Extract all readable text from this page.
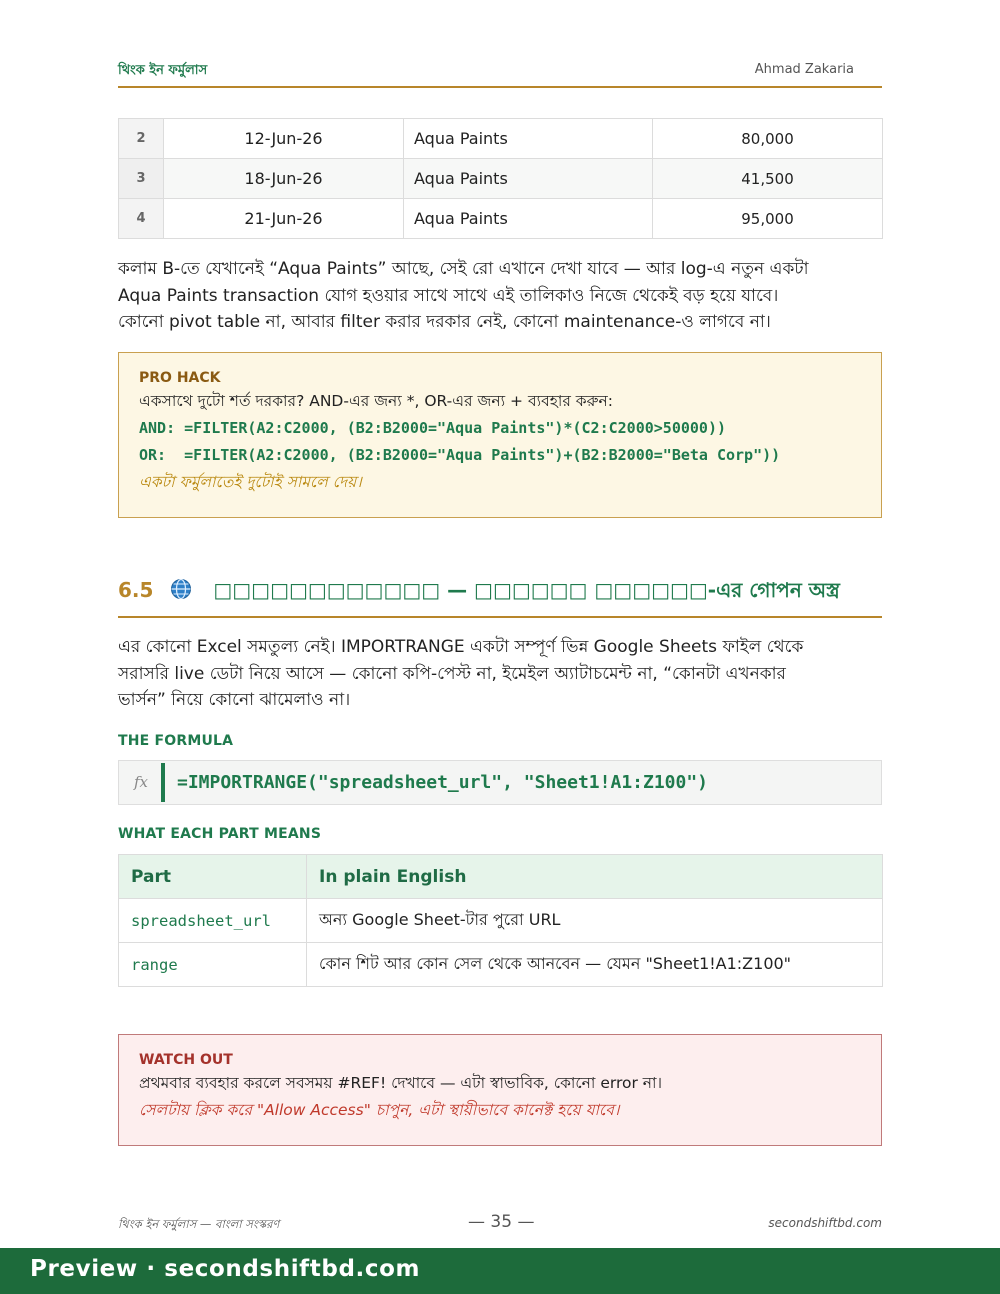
থিংক ইন ফর্মুলাস	Ahmad Zakaria
2	12-Jun-26	Aqua Paints	80,000
3	18-Jun-26	Aqua Paints	41,500
4	21-Jun-26	Aqua Paints	95,000
কলাম B-তে যেখানেই “Aqua Paints” আছে, সেই রো এখানে দেখা যাবে — আর log-এ নতুন একটা
Aqua Paints transaction যোগ হওয়ার সাথে সাথে এই তালিকাও নিজে থেকেই বড় হয়ে যাবে।
কোনো pivot table না, আবার filter করার দরকার নেই, কোনো maintenance-ও লাগবে না।
PRO HACK
একসাথে দুটো শর্ত দরকার? AND-এর জন্য *, OR-এর জন্য + ব্যবহার করুন:
AND: =FILTER(A2:C2000, (B2:B2000="Aqua Paints")*(C2:C2000>50000))
OR:  =FILTER(A2:C2000, (B2:B2000="Aqua Paints")+(B2:B2000="Beta Corp"))
একটা ফর্মুলাতেই দুটোই সামলে দেয়।
6.5	□□□□□□□□□□□□ — □□□□□□ □□□□□□-এর গোপন অস্ত্র
এর কোনো Excel সমতুল্য নেই। IMPORTRANGE একটা সম্পূর্ণ ভিন্ন Google Sheets ফাইল থেকে
সরাসরি live ডেটা নিয়ে আসে — কোনো কপি-পেস্ট না, ইমেইল অ্যাটাচমেন্ট না, “কোনটা এখনকার
ভার্সন” নিয়ে কোনো ঝামেলাও না।
THE FORMULA
fx =IMPORTRANGE("spreadsheet_url", "Sheet1!A1:Z100")
WHAT EACH PART MEANS
Part	In plain English
spreadsheet_url	অন্য Google Sheet-টার পুরো URL
range	কোন শিট আর কোন সেল থেকে আনবেন — যেমন "Sheet1!A1:Z100"
WATCH OUT
প্রথমবার ব্যবহার করলে সবসময় #REF! দেখাবে — এটা স্বাভাবিক, কোনো error না।
সেলটায় ক্লিক করে "Allow Access" চাপুন, এটা স্থায়ীভাবে কানেক্ট হয়ে যাবে।
থিংক ইন ফর্মুলাস — বাংলা সংস্করণ	— 35 —	secondshiftbd.com
Preview · secondshiftbd.com
